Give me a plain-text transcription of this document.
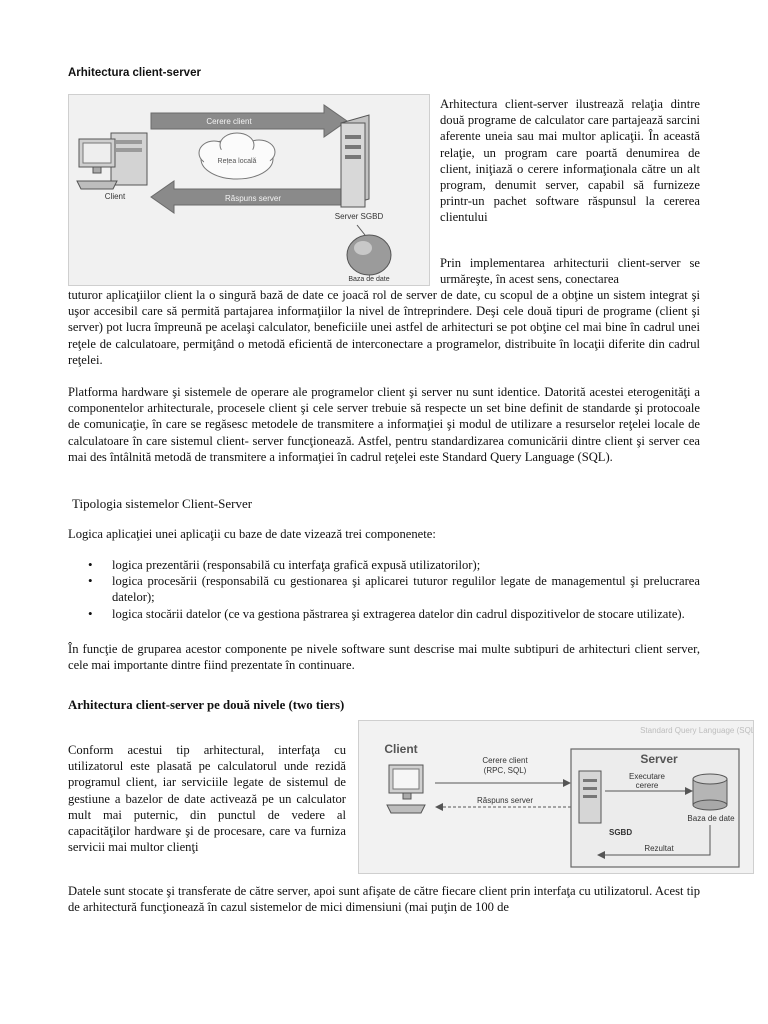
Arhitectura client-server
Cerere client
Rețea locală
Răspuns server
Client
Server SGBD
Baza de date
Arhitectura client-server ilustrează relaţia dintre două programe de calculator care partajează sarcini aferente uneia sau mai multor aplicaţii. În această relaţie, un program care poartă denumirea de client, iniţiază o cerere informaţionala către un alt program, denumit server, capabil să furnizeze printr-un pachet software răspunsul la cererea clientului
Prin implementarea arhitecturii client-server se urmăreşte, în acest sens, conectarea
tuturor aplicaţiilor client la o singură bază de date ce joacă rol de server de date, cu scopul de a obţine un sistem integrat şi uşor accesibil care să permită partajarea informaţiilor la nivel de întreprindere. Deşi cele două tipuri de programe (client şi server) pot lucra împreună pe acelaşi calculator, beneficiile unei astfel de arhitecturi se pot obţine cel mai bine în cadrul unei reţele de calculatoare, permiţând o metodă eficientă de interconectare a programelor, distribuite în locaţii diferite din cadrul reţelei.
Platforma hardware şi sistemele de operare ale programelor client şi server nu sunt identice. Datorită acestei eterogenităţi a componentelor arhitecturale, procesele client şi cele server trebuie să respecte un set bine definit de standarde şi protocoale de comunicaţie, în care se regăsesc metodele de transmitere a informaţiei şi modul de utilizare a resurselor reţelei locale de calculatoare în care sistemul client- server funcţionează. Astfel, pentru standardizarea comunicării dintre client şi server cea mai des întâlnită metodă de transmitere a informaţiei în cadrul reţelei este Standard Query Language (SQL).
Tipologia sistemelor Client-Server
Logica aplicaţiei unei aplicaţii cu baze de date vizează trei componenete:
• logica prezentării (responsabilă cu interfaţa grafică expusă utilizatorilor);
• logica procesării (responsabilă cu gestionarea şi aplicarei tuturor regulilor legate de managementul şi prelucrarea datelor);
• logica stocării datelor (ce va gestiona păstrarea şi extragerea datelor din cadrul dispozitivelor de stocare utilizate).
În funcţie de gruparea acestor componente pe nivele software sunt descrise mai multe subtipuri de arhitecturi client server, cele mai importante dintre fiind prezentate în continuare.
Arhitectura client-server pe două nivele (two tiers)
Conform acestui tip arhitectural, interfaţa cu utilizatorul este plasată pe calculatorul unde rezidă programul client, iar serviciile legate de sistemul de gestiune a bazelor de date activează pe un calculator mult mai puternic, din punctul de vedere al capacităţilor hardware şi de procesare, care va furniza servicii mai multor clienţi
Standard Query Language (SQL)
Client
Cerere client
(RPC, SQL)
Răspuns server
Server
SGBD
Executare
cerere
Baza de date
Rezultat
Datele sunt stocate şi transferate de către server, apoi sunt afişate de către fiecare client prin interfaţa cu utilizatorul. Acest tip de arhitectură funcţionează în cazul sistemelor de mici dimensiuni (mai puţin de 100 de
